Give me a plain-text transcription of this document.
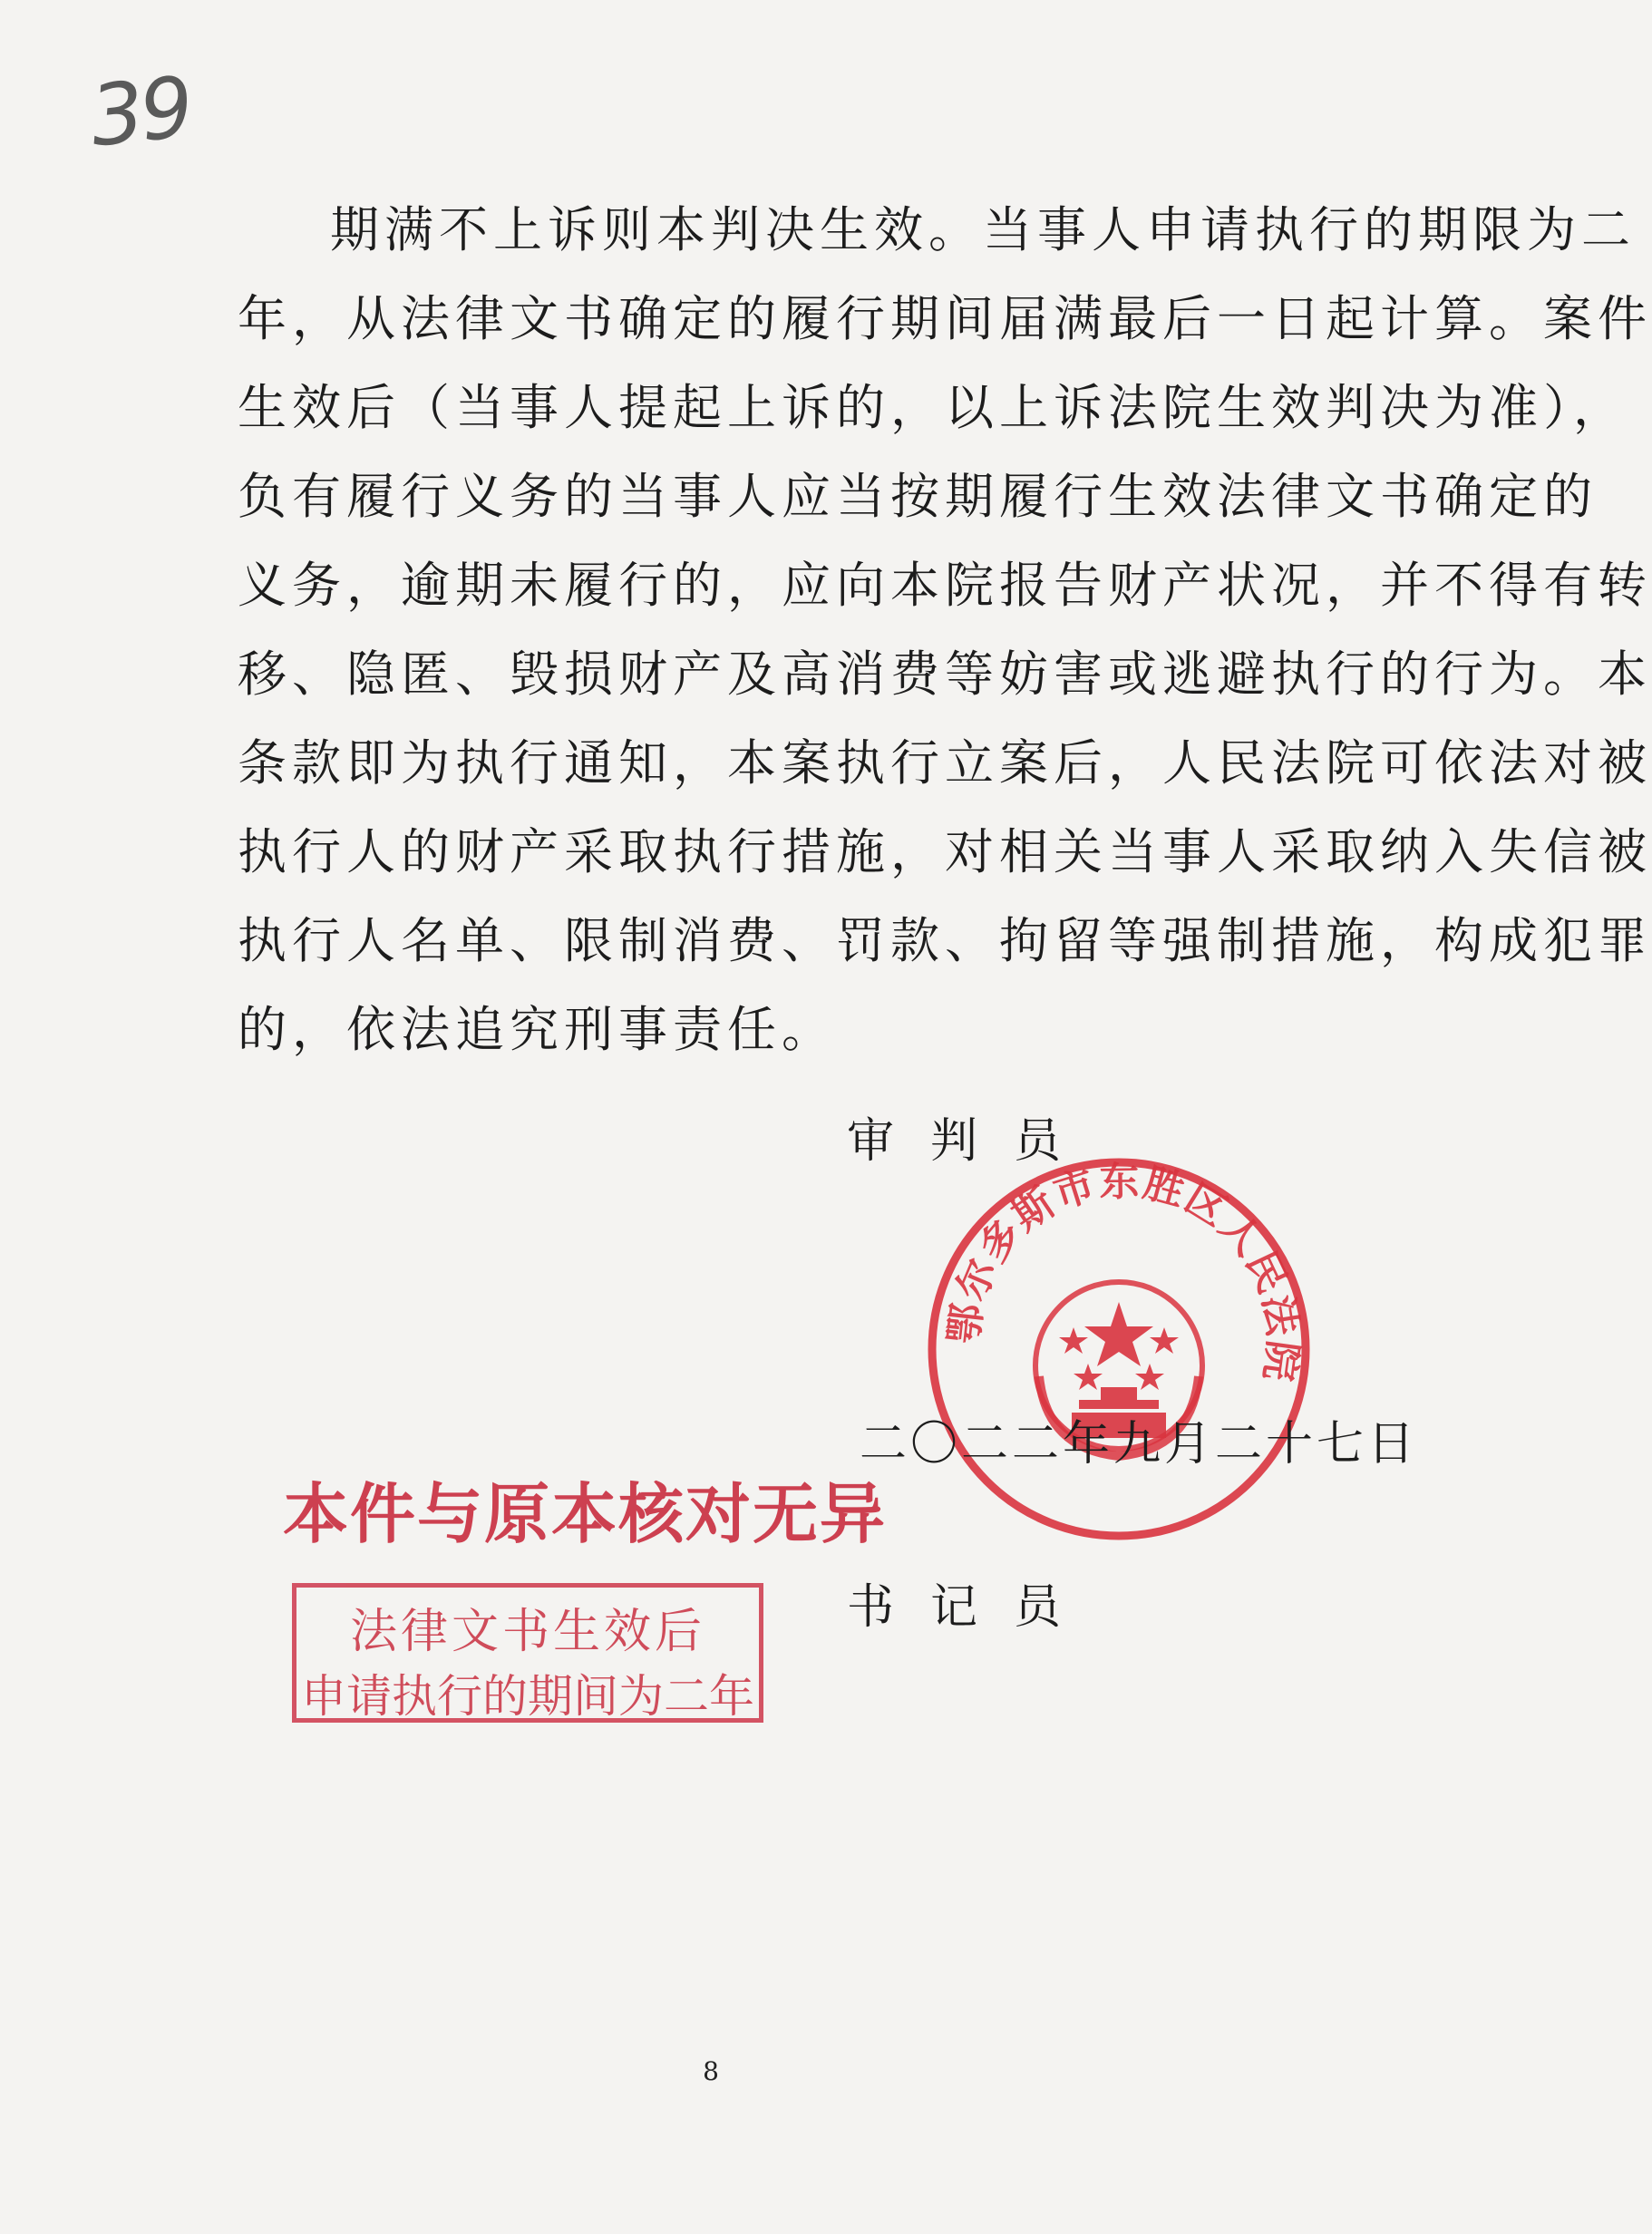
39
期满不上诉则本判决生效。当事人申请执行的期限为二
年，从法律文书确定的履行期间届满最后一日起计算。案件
生效后（当事人提起上诉的，以上诉法院生效判决为准），
负有履行义务的当事人应当按期履行生效法律文书确定的
义务，逾期未履行的，应向本院报告财产状况，并不得有转
移、隐匿、毁损财产及高消费等妨害或逃避执行的行为。本
条款即为执行通知，本案执行立案后，人民法院可依法对被
执行人的财产采取执行措施，对相关当事人采取纳入失信被
执行人名单、限制消费、罚款、拘留等强制措施，构成犯罪
的，依法追究刑事责任。
审判员
鄂尔多斯市东胜区人民法院
二〇二二年九月二十七日
本件与原本核对无异
书记员
法律文书生效后
申请执行的期间为二年
8
